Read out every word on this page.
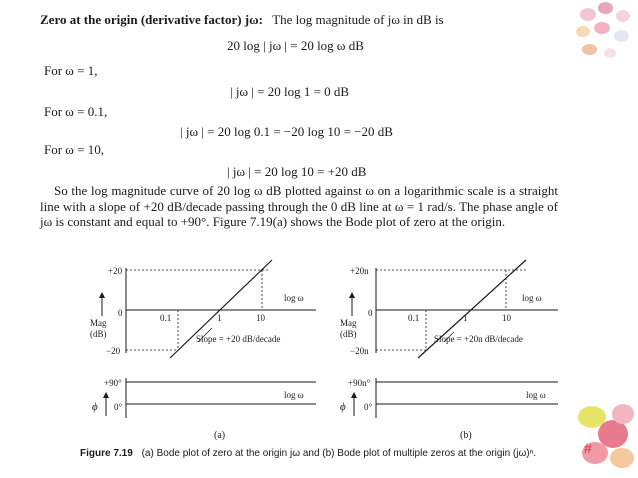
Zero at the origin (derivative factor) jω: The log magnitude of jω in dB is
20 log | jω | = 20 log ω dB
For ω = 1,
| jω | = 20 log 1 = 0 dB
For ω = 0.1,
| jω | = 20 log 0.1 = −20 log 10 = −20 dB
For ω = 10,
| jω | = 20 log 10 = +20 dB
So the log magnitude curve of 20 log ω dB plotted against ω on a logarithmic scale is a straight line with a slope of +20 dB/decade passing through the 0 dB line at ω = 1 rad/s. The phase angle of jω is constant and equal to +90°. Figure 7.19(a) shows the Bode plot of zero at the origin.
+20
0
−20
Mag
(dB)
0.1	1	10
log ω
Slope = +20 dB/decade
+90°
0°
log ω
ϕ
(a)
+20n
0
−20n
Mag
(dB)
0.1	1	10
log ω
Slope = +20n dB/decade
+90n°
0°
log ω
ϕ
(b)
Figure 7.19 (a) Bode plot of zero at the origin jω and (b) Bode plot of multiple zeros at the origin (jω)ⁿ.	#
